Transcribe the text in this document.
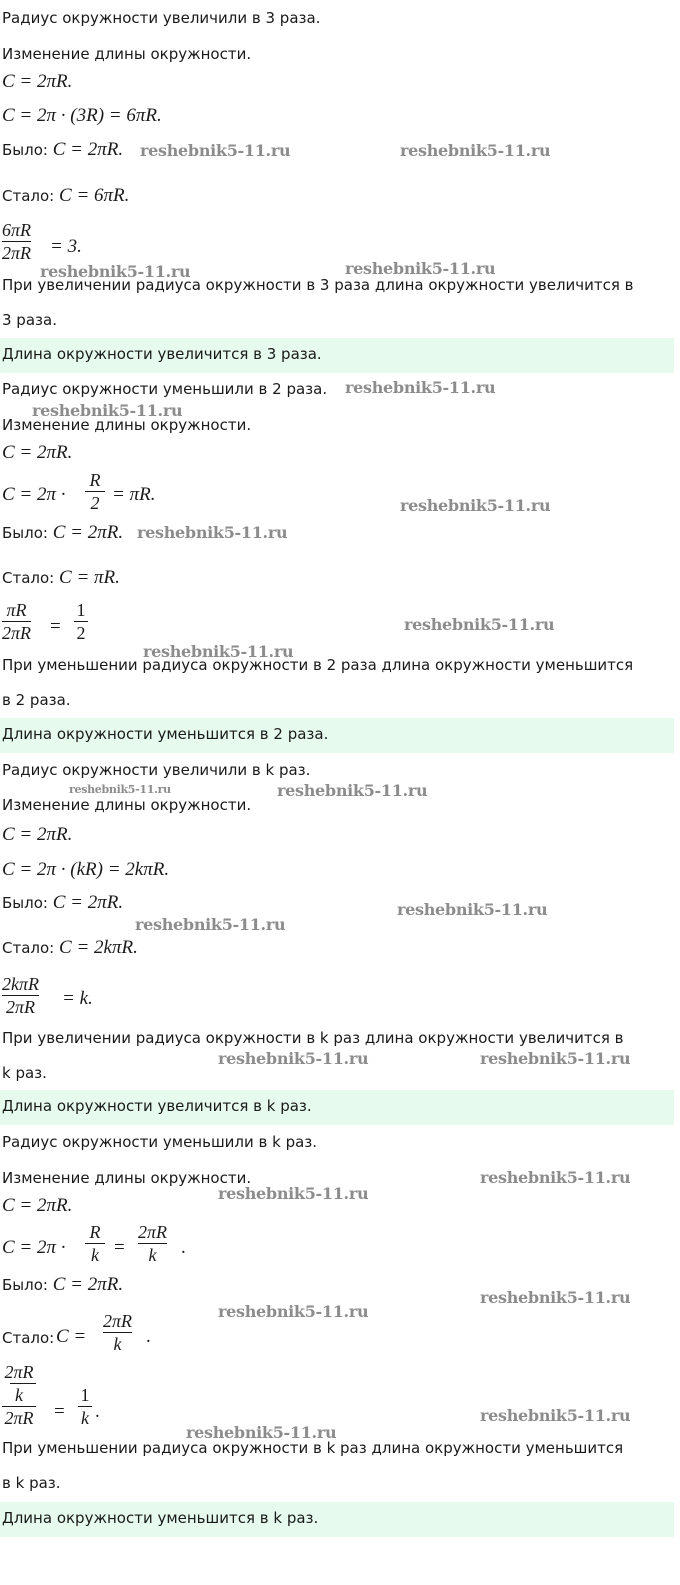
Радиус окружности увеличили в 3 раза.
Изменение длины окружности.
C = 2πR.
C = 2π · (3R) = 6πR.
Было: C = 2πR.
Стало: C = 6πR.
6πR
2πR = 3.
При увеличении радиуса окружности в 3 раза длина окружности увеличится в
3 раза.
Длина окружности увеличится в 3 раза.
Радиус окружности уменьшили в 2 раза.
Изменение длины окружности.
C = 2πR.
C = 2π ·
R
2 = πR.
Было: C = 2πR.
Стало: C = πR.
πR
2πR =
1
2
При уменьшении радиуса окружности в 2 раза длина окружности уменьшится
в 2 раза.
Длина окружности уменьшится в 2 раза.
Радиус окружности увеличили в k раз.
Изменение длины окружности.
C = 2πR.
C = 2π · (kR) = 2kπR.
Было: C = 2πR.
Стало: C = 2kπR.
2kπR
2πR = k.
При увеличении радиуса окружности в k раз длина окружности увеличится в
k раз.
Длина окружности увеличится в k раз.
Радиус окружности уменьшили в k раз.
Изменение длины окружности.
C = 2πR.
C = 2π ·
R
k =
2πR
k	.
Было: C = 2πR.
Стало: C =
2πR
k	.
2πR
k
2πR =
1
k .
При уменьшении радиуса окружности в k раз длина окружности уменьшится
в k раз.
Длина окружности уменьшится в k раз.
reshebnik5-11.ru	reshebnik5-11.ru
reshebnik5-11.ru	reshebnik5-11.ru
reshebnik5-11.ru
reshebnik5-11.ru
reshebnik5-11.ru
reshebnik5-11.ru
reshebnik5-11.ru
reshebnik5-11.ru
reshebnik5-11.ru	reshebnik5-11.ru
reshebnik5-11.ru
reshebnik5-11.ru
reshebnik5-11.ru	reshebnik5-11.ru
reshebnik5-11.ru
reshebnik5-11.ru
reshebnik5-11.ru
reshebnik5-11.ru
reshebnik5-11.ru
reshebnik5-11.ru
